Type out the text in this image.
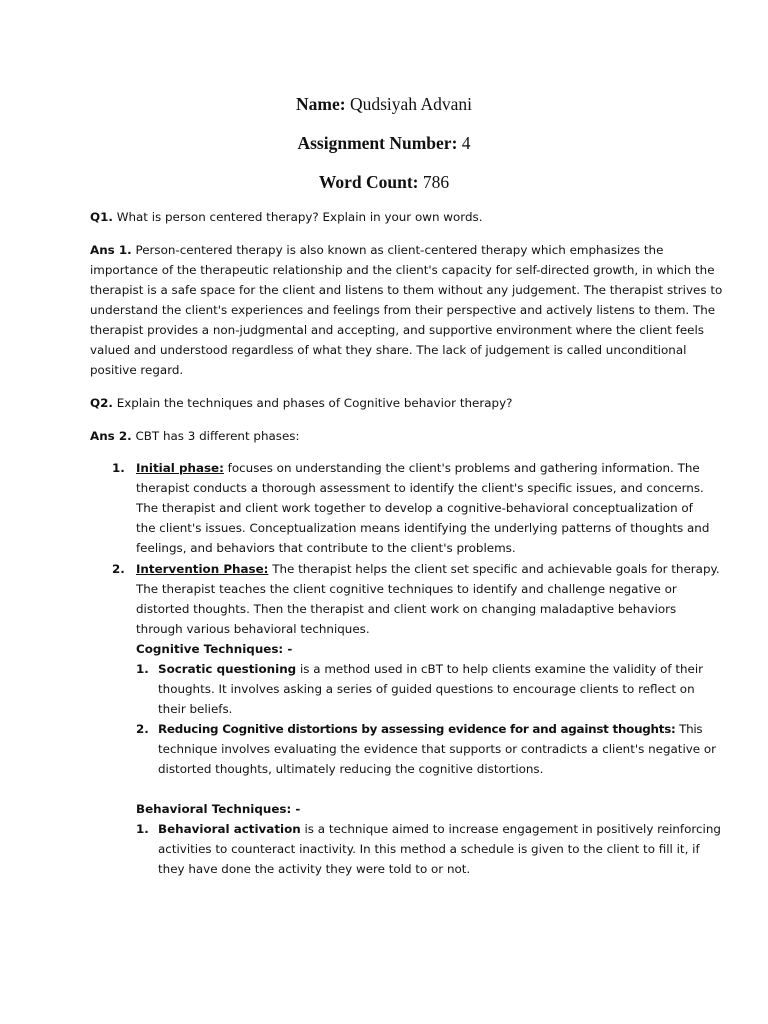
Name: Qudsiyah Advani
Assignment Number: 4
Word Count: 786
Q1. What is person centered therapy? Explain in your own words.
Ans 1. Person-centered therapy is also known as client-centered therapy which emphasizes the
importance of the therapeutic relationship and the client's capacity for self-directed growth, in which the
therapist is a safe space for the client and listens to them without any judgement. The therapist strives to
understand the client's experiences and feelings from their perspective and actively listens to them. The
therapist provides a non-judgmental and accepting, and supportive environment where the client feels
valued and understood regardless of what they share. The lack of judgement is called unconditional
positive regard.
Q2. Explain the techniques and phases of Cognitive behavior therapy?
Ans 2. CBT has 3 different phases:
1. Initial phase: focuses on understanding the client's problems and gathering information. The
therapist conducts a thorough assessment to identify the client's specific issues, and concerns.
The therapist and client work together to develop a cognitive-behavioral conceptualization of
the client's issues. Conceptualization means identifying the underlying patterns of thoughts and
feelings, and behaviors that contribute to the client's problems.
2. Intervention Phase: The therapist helps the client set specific and achievable goals for therapy.
The therapist teaches the client cognitive techniques to identify and challenge negative or
distorted thoughts. Then the therapist and client work on changing maladaptive behaviors
through various behavioral techniques.
Cognitive Techniques: -
1. Socratic questioning is a method used in cBT to help clients examine the validity of their
thoughts. It involves asking a series of guided questions to encourage clients to reflect on
their beliefs.
2. Reducing Cognitive distortions by assessing evidence for and against thoughts: This
technique involves evaluating the evidence that supports or contradicts a client's negative or
distorted thoughts, ultimately reducing the cognitive distortions.
Behavioral Techniques: -
1. Behavioral activation is a technique aimed to increase engagement in positively reinforcing
activities to counteract inactivity. In this method a schedule is given to the client to fill it, if
they have done the activity they were told to or not.
